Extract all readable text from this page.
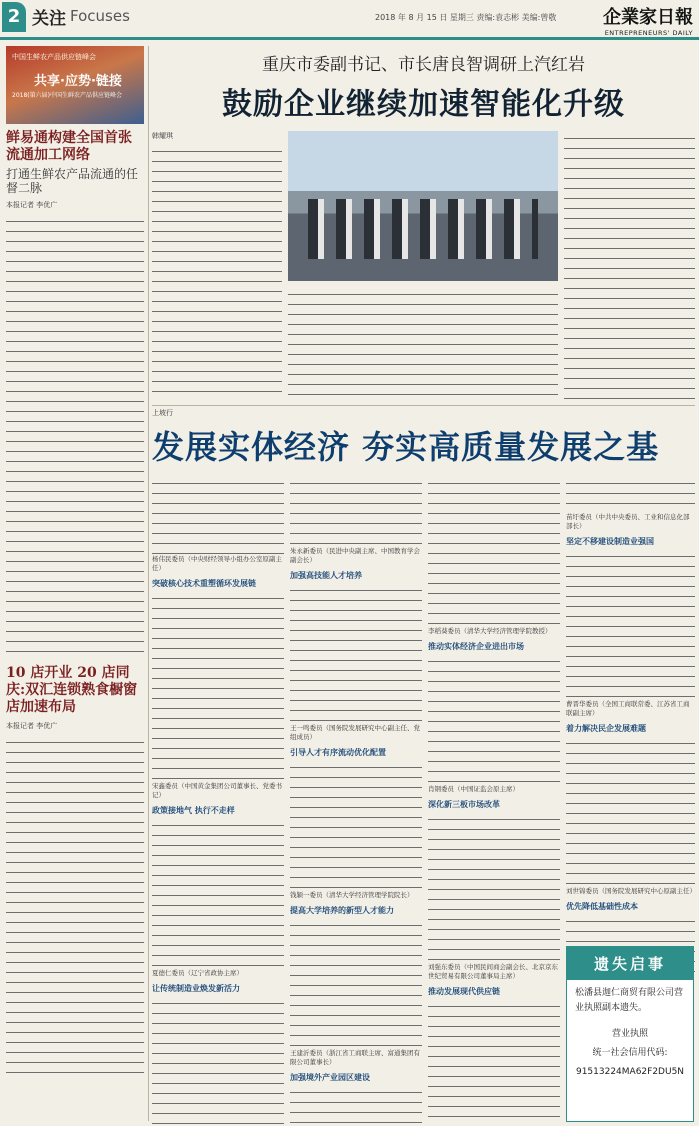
2 关注 Focuses	2018 年 8 月 15 日 星期三 责编:袁志彬 美编:曾敬	企業家日報
ENTREPRENEURS' DAILY
中国生鲜农产品供应链峰会
共享·应势·链接
2018(第六届)中国生鲜农产品供应链峰会
鲜易通构建全国首张流通加工网络
打通生鲜农产品流通的任督二脉
本报记者 李优广
10 店开业 20 店同庆:双汇连锁熟食橱窗店加速布局
本报记者 李优广
重庆市委副书记、市长唐良智调研上汽红岩
鼓励企业继续加速智能化升级
韩耀琪
上坡行
发展实体经济 夯实高质量发展之基
杨伟民委员（中央财经领导小组办公室原副主任）
突破核心技术重塑循环发展链
宋鑫委员（中国黄金集团公司董事长、党委书记）
政策接地气 执行不走样
夏德仁委员（辽宁省政协主席）
让传统制造业焕发新活力
朱永新委员（民进中央副主席、中国教育学会副会长）
加强高技能人才培养
王一鸣委员（国务院发展研究中心副主任、党组成员）
引导人才有序流动优化配置
钱颖一委员（清华大学经济管理学院院长）
提高大学培养的新型人才能力
王建沂委员（浙江省工商联主席、富通集团有限公司董事长）
加强境外产业园区建设
李稻葵委员（清华大学经济管理学院教授）
推动实体经济企业进出市场
肖钢委员（中国证监会原主席）
深化新三板市场改革
刘强东委员（中国民间商会副会长、北京京东世纪贸易有限公司董事局主席）
推动发展现代供应链
苗圩委员（中共中央委员、工业和信息化部部长）
坚定不移建设制造业强国
曹晋华委员（全国工商联常委、江苏省工商联副主席）
着力解决民企发展难题
刘世锦委员（国务院发展研究中心原副主任）
优先降低基础性成本
遗失启事
松潘县迦仁商贸有限公司营业执照副本遗失。
营业执照
统一社会信用代码:
91513224MA62F2DU5N
